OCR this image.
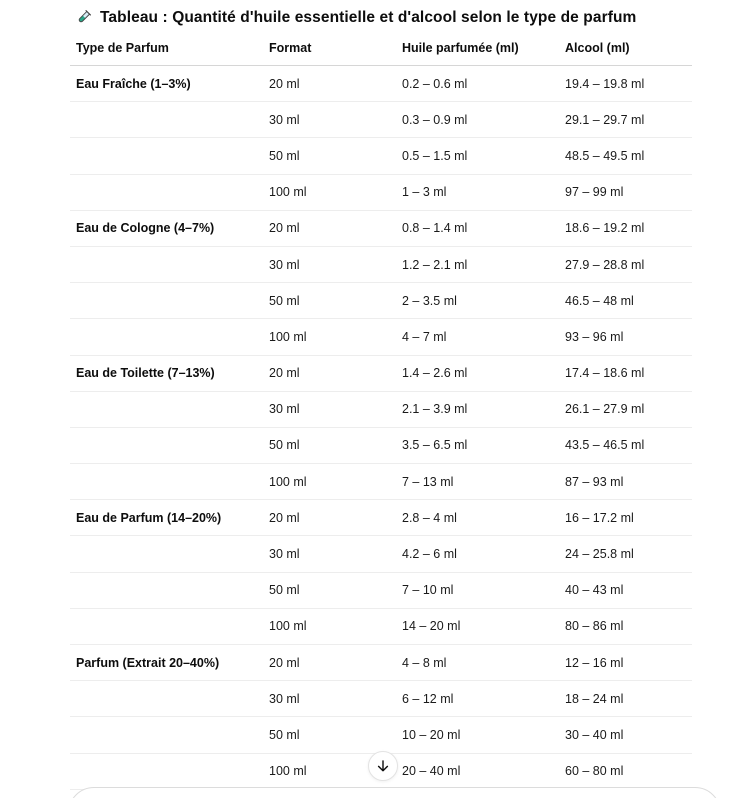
Tableau : Quantité d'huile essentielle et d'alcool selon le type de parfum
Type de Parfum	Format	Huile parfumée (ml)	Alcool (ml)
Eau Fraîche (1–3%)	20 ml	0.2 – 0.6 ml	19.4 – 19.8 ml
	30 ml	0.3 – 0.9 ml	29.1 – 29.7 ml
	50 ml	0.5 – 1.5 ml	48.5 – 49.5 ml
	100 ml	1 – 3 ml	97 – 99 ml
Eau de Cologne (4–7%)	20 ml	0.8 – 1.4 ml	18.6 – 19.2 ml
	30 ml	1.2 – 2.1 ml	27.9 – 28.8 ml
	50 ml	2 – 3.5 ml	46.5 – 48 ml
	100 ml	4 – 7 ml	93 – 96 ml
Eau de Toilette (7–13%)	20 ml	1.4 – 2.6 ml	17.4 – 18.6 ml
	30 ml	2.1 – 3.9 ml	26.1 – 27.9 ml
	50 ml	3.5 – 6.5 ml	43.5 – 46.5 ml
	100 ml	7 – 13 ml	87 – 93 ml
Eau de Parfum (14–20%)	20 ml	2.8 – 4 ml	16 – 17.2 ml
	30 ml	4.2 – 6 ml	24 – 25.8 ml
	50 ml	7 – 10 ml	40 – 43 ml
	100 ml	14 – 20 ml	80 – 86 ml
Parfum (Extrait 20–40%)	20 ml	4 – 8 ml	12 – 16 ml
	30 ml	6 – 12 ml	18 – 24 ml
	50 ml	10 – 20 ml	30 – 40 ml
	100 ml	20 – 40 ml	60 – 80 ml
